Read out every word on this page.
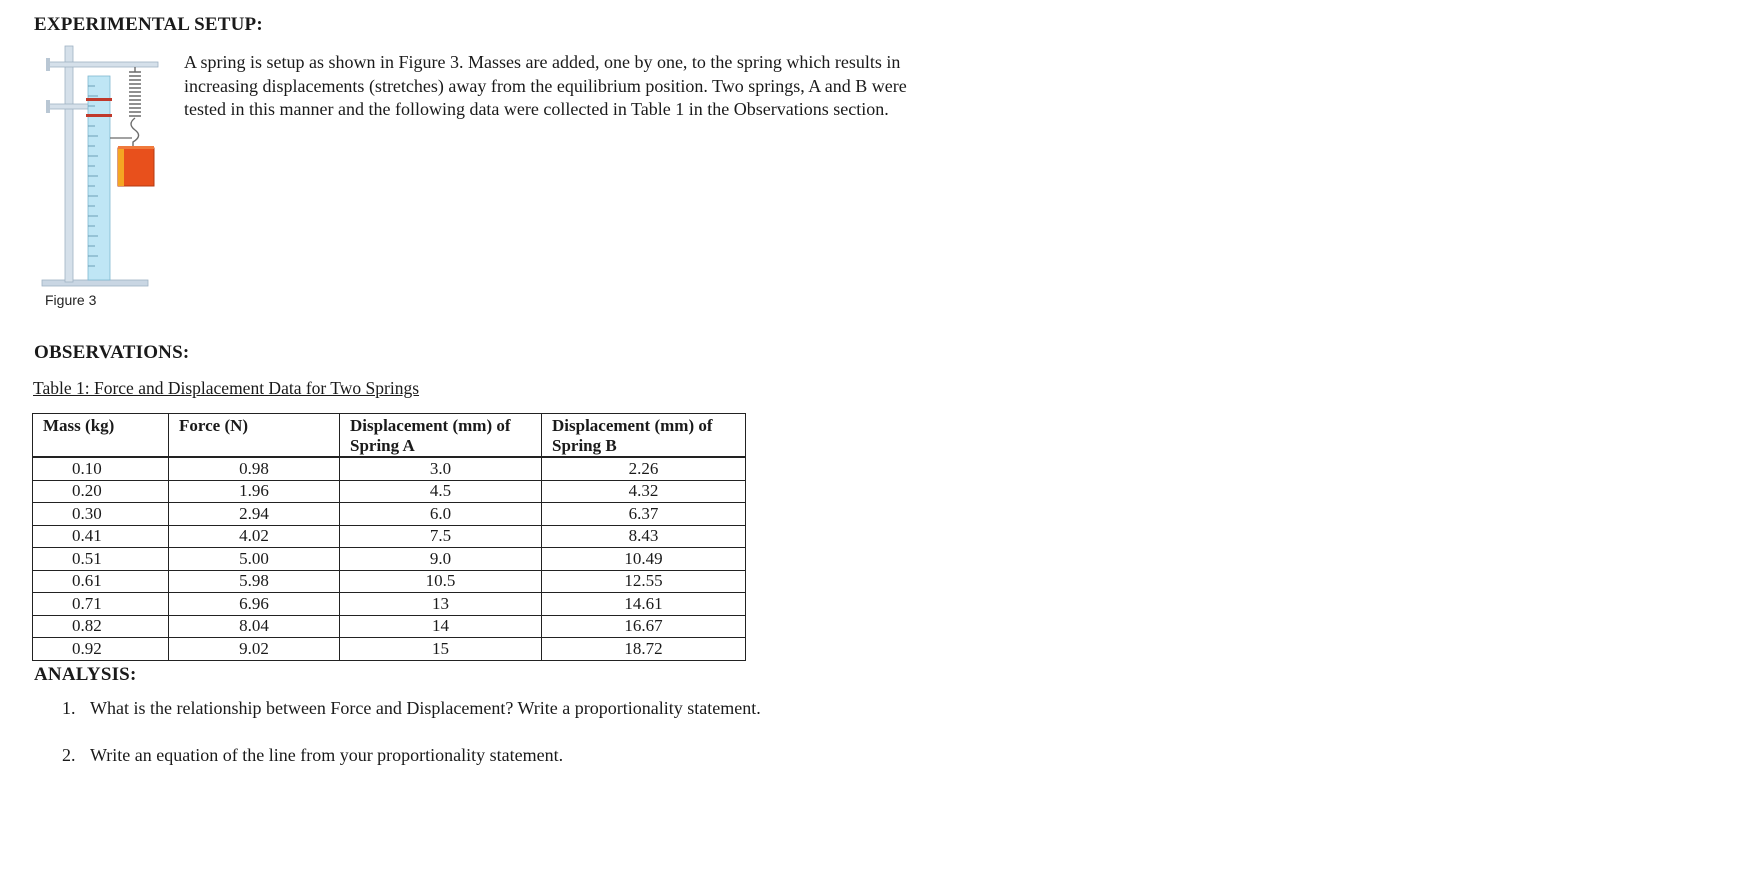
EXPERIMENTAL SETUP:
Figure 3

A spring is setup as shown in Figure 3. Masses are added, one by one, to the spring which results in increasing displacements (stretches) away from the equilibrium position. Two springs, A and B were tested in this manner and the following data were collected in Table 1 in the Observations section.

OBSERVATIONS:
Table 1: Force and Displacement Data for Two Springs
Mass (kg)	Force (N)	Displacement (mm) of Spring A	Displacement (mm) of Spring B
0.10	0.98	3.0	2.26
0.20	1.96	4.5	4.32
0.30	2.94	6.0	6.37
0.41	4.02	7.5	8.43
0.51	5.00	9.0	10.49
0.61	5.98	10.5	12.55
0.71	6.96	13	14.61
0.82	8.04	14	16.67
0.92	9.02	15	18.72
ANALYSIS:
1. What is the relationship between Force and Displacement? Write a proportionality statement.
2. Write an equation of the line from your proportionality statement.
